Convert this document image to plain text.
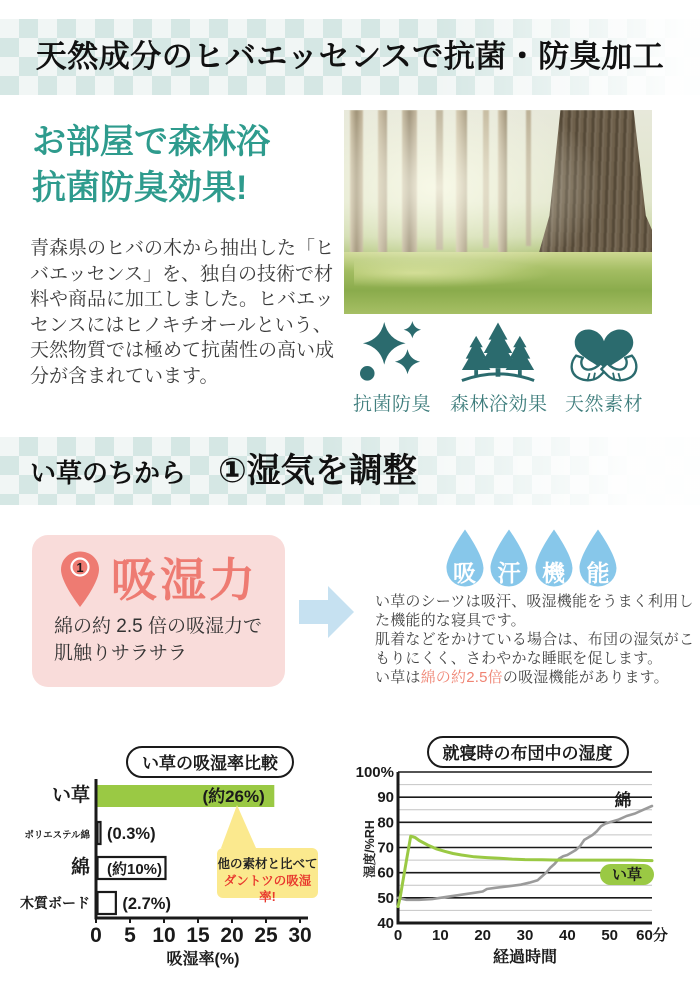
天然成分のヒバエッセンスで抗菌・防臭加工
お部屋で森林浴
抗菌防臭効果!
青森県のヒバの木から抽出した「ヒバエッセンス」を、独自の技術で材料や商品に加工しました。ヒバエッセンスにはヒノキチオールという、天然物質では極めて抗菌性の高い成分が含まれています。
抗菌防臭	森林浴効果 天然素材
い草のちから ①湿気を調整
1 吸湿力
綿の約 2.5 倍の吸湿力で肌触りサラサラ
吸 汗 機 能

い草のシーツは吸汗、吸湿機能をうまく利用した機能的な寝具です。

肌着などをかけている場合は、布団の湿気がこもりにくく、さわやかな睡眠を促します。

い草は綿の約2.5倍の吸湿機能があります。

い草の吸湿率比較
0 5 10 15 20 25 30
い草
ポリエステル綿
綿
木質ボード
(約26%)
(0.3%)
(約10%)
(2.7%)
吸湿率(%)
他の素材と比べて
ダントツの吸湿率!
就寝時の布団中の湿度
100%
90
80
70
60
50
40
0 10 20 30 40 50 60分
綿
い草
湿度/%RH
経過時間
